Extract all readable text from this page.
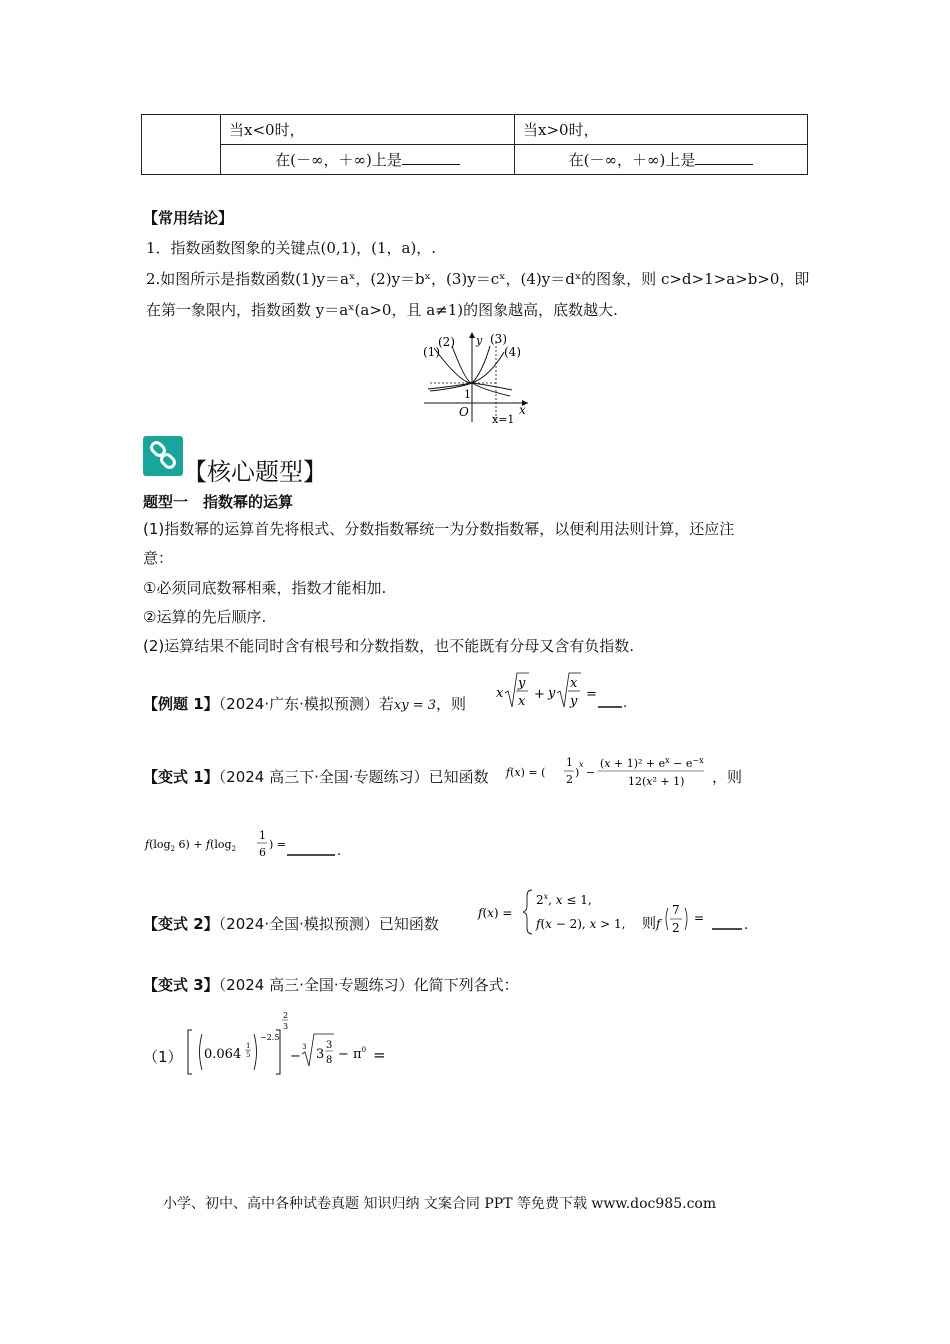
	当x<0时，	当x>0时，
	在(－∞，＋∞)上是	在(－∞，＋∞)上是
【常用结论】
1．指数函数图象的关键点(0,1)，(1，a)，.
2.如图所示是指数函数(1)y＝aˣ，(2)y＝bˣ，(3)y＝cˣ，(4)y＝dˣ的图象，则 c>d>1>a>b>0，即
在第一象限内，指数函数 y＝aˣ(a>0，且 a≠1)的图象越高，底数越大.
(1)
(2)	(3)
(4)
y
x
O
1
x=1
【核心题型】
题型一　指数幂的运算
(1)指数幂的运算首先将根式、分数指数幂统一为分数指数幂，以便利用法则计算，还应注
意：
①必须同底数幂相乘，指数才能相加.
②运算的先后顺序.
(2)运算结果不能同时含有根号和分数指数，也不能既有分母又含有负指数.
【例题 1】（2024·广东·模拟预测）若xy = 3，则
x
y
x + y
x
y =
.
【变式 1】（2024 高三下·全国·专题练习）已知函数 f(x) = (
1
2
)
x
−
$(x + 1)^2 + e^x - e^{-x}$
12(x² + 1) ，则
$f(\log_2$ $6) + f(\log_2$
1
6
) =	.
【变式 2】（2024·全国·模拟预测）已知函数
f(x) =
$2^x$, x ≤ 1,
f(x − 2), x > 1, 则 f
7
2
=	.
【变式 3】（2024 高三·全国·专题练习）化简下列各式：
（1） 0.064
1
5
−2.5
2
3
−
3 3
3
$8 - \pi^0$ =
小学、初中、高中各种试卷真题 知识归纳 文案合同 PPT 等免费下载 www.doc985.com
